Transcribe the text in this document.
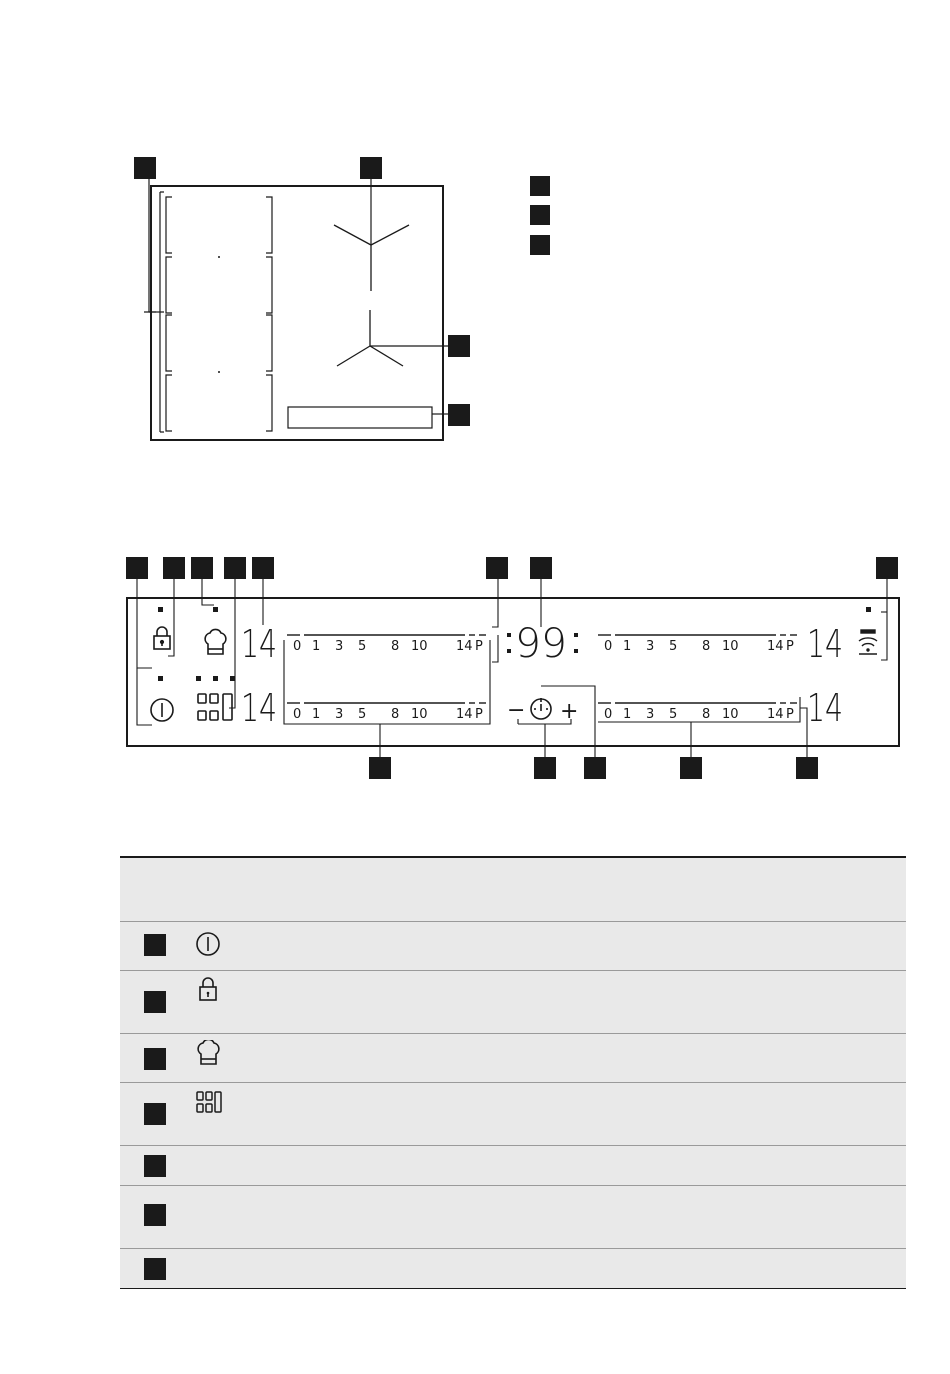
14
14
14
14
99
− +
0 1 3 5 8 10 14 P
0 1 3 5 8 10 14 P
0 1 3 5 8 10 14 P
0 1 3 5 8 10 14 P
